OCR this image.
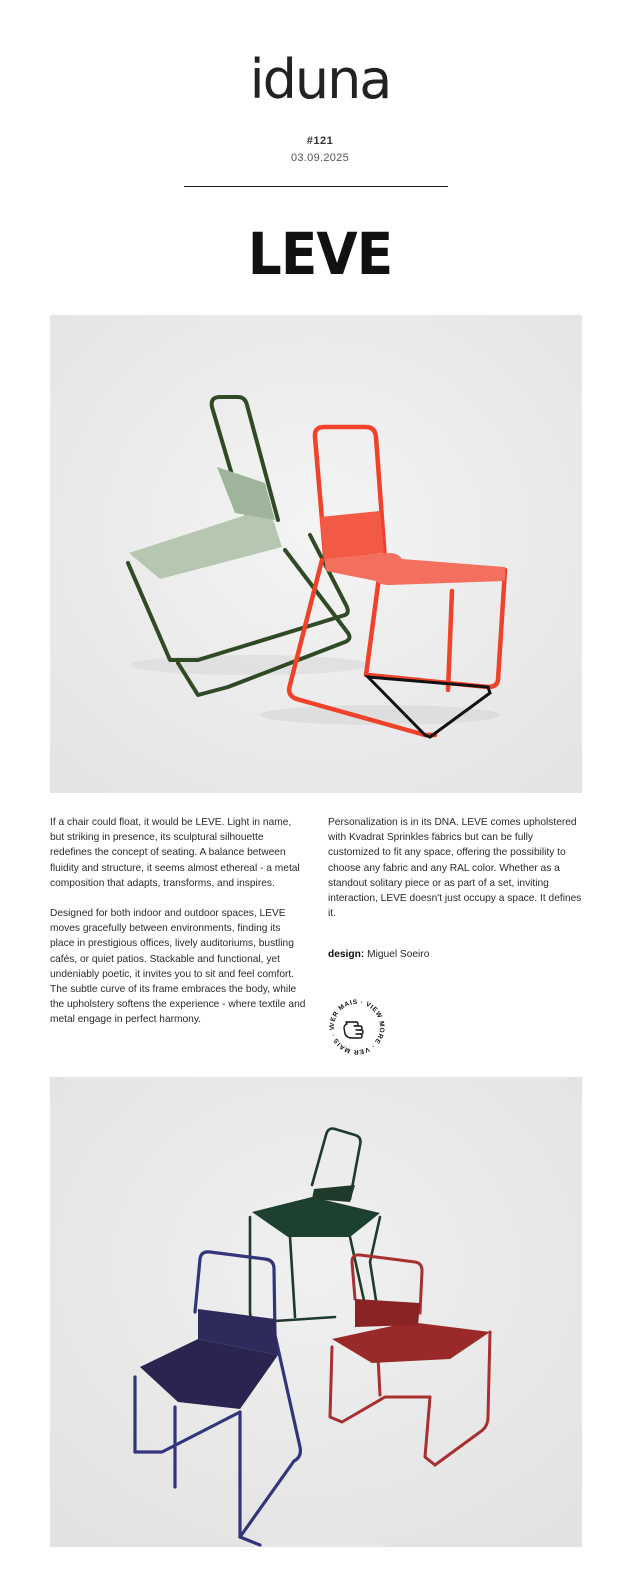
iduna
#121
03.09.2025
LEVE

If a chair could float, it would be LEVE. Light in name, but striking in presence, its sculptural silhouette redefines the concept of seating. A balance between fluidity and structure, it seems almost ethereal - a metal composition that adapts, transforms, and inspires.

Designed for both indoor and outdoor spaces, LEVE moves gracefully between environments, finding its place in prestigious offices, lively auditoriums, bustling cafés, or quiet patios. Stackable and functional, yet undeniably poetic, it invites you to sit and feel comfort. The subtle curve of its frame embraces the body, while the upholstery softens the experience - where textile and metal engage in perfect harmony.

Personalization is in its DNA. LEVE comes upholstered with Kvadrat Sprinkles fabrics but can be fully customized to fit any space, offering the possibility to choose any fabric and any RAL color. Whether as a standout solitary piece or as part of a set, inviting interaction, LEVE doesn't just occupy a space. It defines it.

design: Miguel Soeiro
VER MAIS · VIEW MORE · VER MAIS · V
